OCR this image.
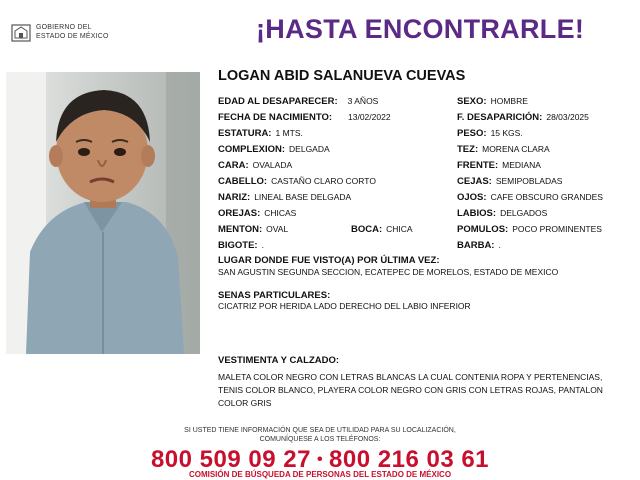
GOBIERNO DEL
ESTADO DE MÉXICO	¡HASTA ENCONTRARLE!
LOGAN ABID SALANUEVA CUEVAS
EDAD AL DESAPARECER: 3 AÑOS
FECHA DE NACIMIENTO: 13/02/2022
ESTATURA: 1 MTS.
COMPLEXION: DELGADA
CARA: OVALADA
CABELLO: CASTAÑO CLARO CORTO
NARIZ: LINEAL BASE DELGADA
OREJAS: CHICAS
MENTON: OVAL	BOCA: CHICA
BIGOTE: .
SEXO: HOMBRE
F. DESAPARICIÓN: 28/03/2025
PESO: 15 KGS.
TEZ: MORENA CLARA
FRENTE: MEDIANA
CEJAS: SEMIPOBLADAS
OJOS: CAFE OBSCURO GRANDES
LABIOS: DELGADOS
POMULOS: POCO PROMINENTES
BARBA: .
LUGAR DONDE FUE VISTO(A) POR ÚLTIMA VEZ:
SAN AGUSTIN SEGUNDA SECCION, ECATEPEC DE MORELOS, ESTADO DE MEXICO
SENAS PARTICULARES:
CICATRIZ POR HERIDA LADO DERECHO DEL LABIO INFERIOR
VESTIMENTA Y CALZADO:
MALETA COLOR NEGRO CON LETRAS BLANCAS LA CUAL CONTENIA ROPA Y PERTENENCIAS, TENIS COLOR BLANCO, PLAYERA COLOR NEGRO CON GRIS CON LETRAS ROJAS, PANTALON COLOR GRIS
SI USTED TIENE INFORMACIÓN QUE SEA DE UTILIDAD PARA SU LOCALIZACIÓN,
COMUNÍQUESE A LOS TELÉFONOS:
800 509 09 27 • 800 216 03 61
COMISIÓN DE BÚSQUEDA DE PERSONAS DEL ESTADO DE MÉXICO
